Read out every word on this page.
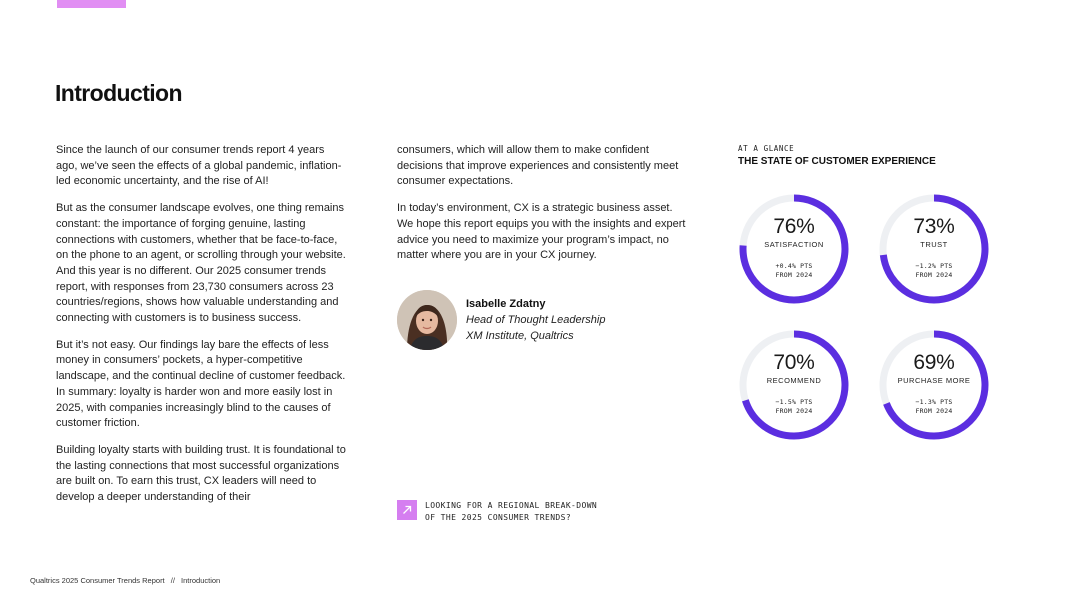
Introduction

Since the launch of our consumer trends report 4 years ago, we’ve seen the effects of a global pandemic, inflation-led economic uncertainty, and the rise of AI!

But as the consumer landscape evolves, one thing remains constant: the importance of forging genuine, lasting connections with customers, whether that be face-to-face, on the phone to an agent, or scrolling through your website. And this year is no different. Our 2025 consumer trends report, with responses from 23,730 consumers across 23 countries/regions, shows how valuable understanding and connecting with customers is to business success.

But it’s not easy. Our findings lay bare the effects of less money in consumers’ pockets, a hyper-competitive landscape, and the continual decline of customer feedback. In summary: loyalty is harder won and more easily lost in 2025, with companies increasingly blind to the causes of customer friction.

Building loyalty starts with building trust. It is foundational to the lasting connections that most successful organizations are built on. To earn this trust, CX leaders will need to develop a deeper understanding of their

consumers, which will allow them to make confident decisions that improve experiences and consistently meet consumer expectations.

In today’s environment, CX is a strategic business asset. We hope this report equips you with the insights and expert advice you need to maximize your program’s impact, no matter where you are in your CX journey.

Isabelle Zdatny
Head of Thought Leadership
XM Institute, Qualtrics
LOOKING FOR A REGIONAL BREAK-DOWN
OF THE 2025 CONSUMER TRENDS?
AT A GLANCE
THE STATE OF CUSTOMER EXPERIENCE
76%
SATISFACTION
+0.4% PTS
FROM 2024
73%
TRUST
−1.2% PTS
FROM 2024
70%
RECOMMEND
−1.5% PTS
FROM 2024
69%
PURCHASE MORE
−1.3% PTS
FROM 2024
Qualtrics 2025 Consumer Trends Report // Introduction
